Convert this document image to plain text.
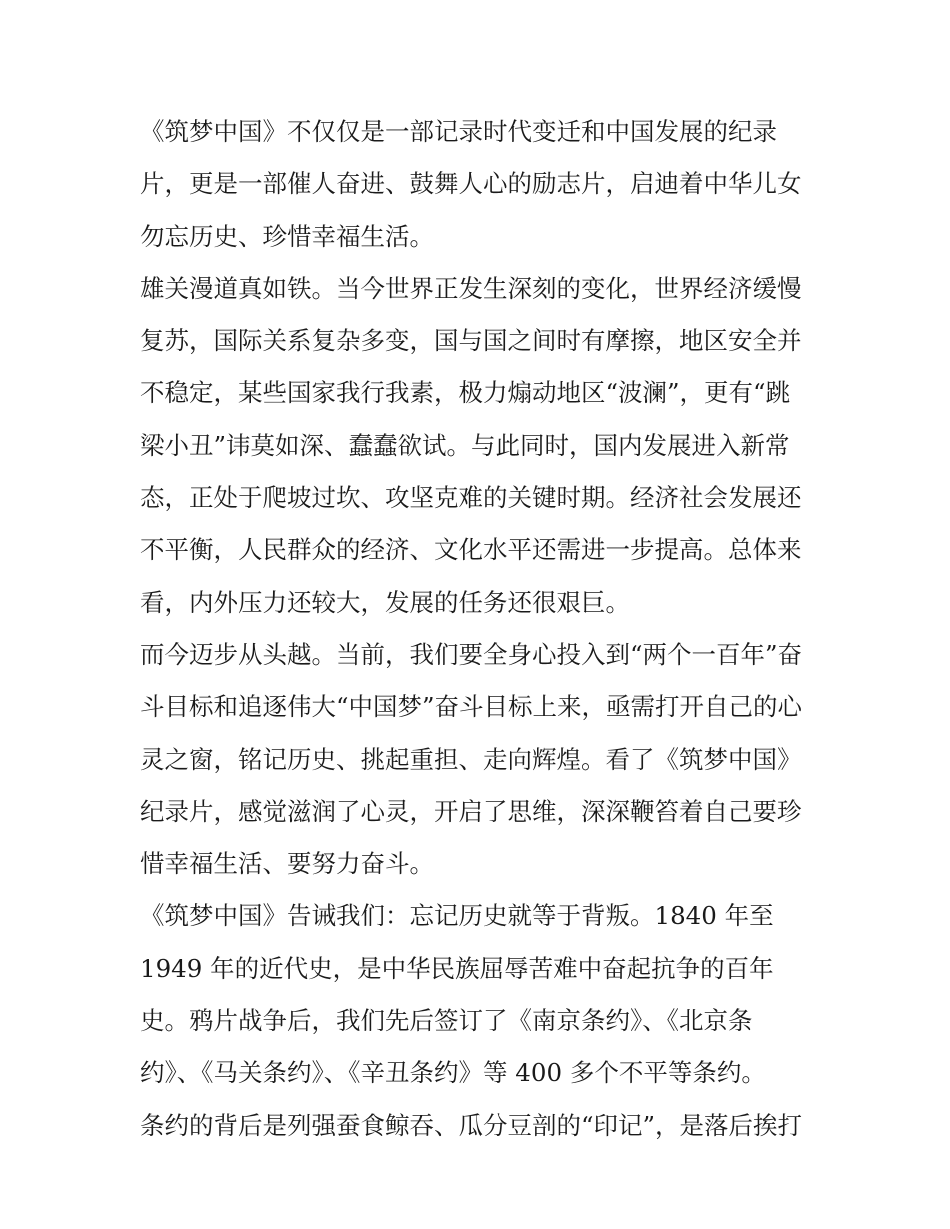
《筑梦中国》不仅仅是一部记录时代变迁和中国发展的纪录
片，更是一部催人奋进、鼓舞人心的励志片，启迪着中华儿女
勿忘历史、珍惜幸福生活。
雄关漫道真如铁。当今世界正发生深刻的变化，世界经济缓慢
复苏，国际关系复杂多变，国与国之间时有摩擦，地区安全并
不稳定，某些国家我行我素，极力煽动地区“波澜”，更有“跳
梁小丑”讳莫如深、蠢蠢欲试。与此同时，国内发展进入新常
态，正处于爬坡过坎、攻坚克难的关键时期。经济社会发展还
不平衡，人民群众的经济、文化水平还需进一步提高。总体来
看，内外压力还较大，发展的任务还很艰巨。
而今迈步从头越。当前，我们要全身心投入到“两个一百年”奋
斗目标和追逐伟大“中国梦”奋斗目标上来，亟需打开自己的心
灵之窗，铭记历史、挑起重担、走向辉煌。看了《筑梦中国》
纪录片，感觉滋润了心灵，开启了思维，深深鞭笞着自己要珍
惜幸福生活、要努力奋斗。
《筑梦中国》告诫我们：忘记历史就等于背叛。1840 年至
1949 年的近代史，是中华民族屈辱苦难中奋起抗争的百年
史。鸦片战争后，我们先后签订了《南京条约》、《北京条
约》、《马关条约》、《辛丑条约》等 400 多个不平等条约。
条约的背后是列强蚕食鲸吞、瓜分豆剖的“印记”，是落后挨打
